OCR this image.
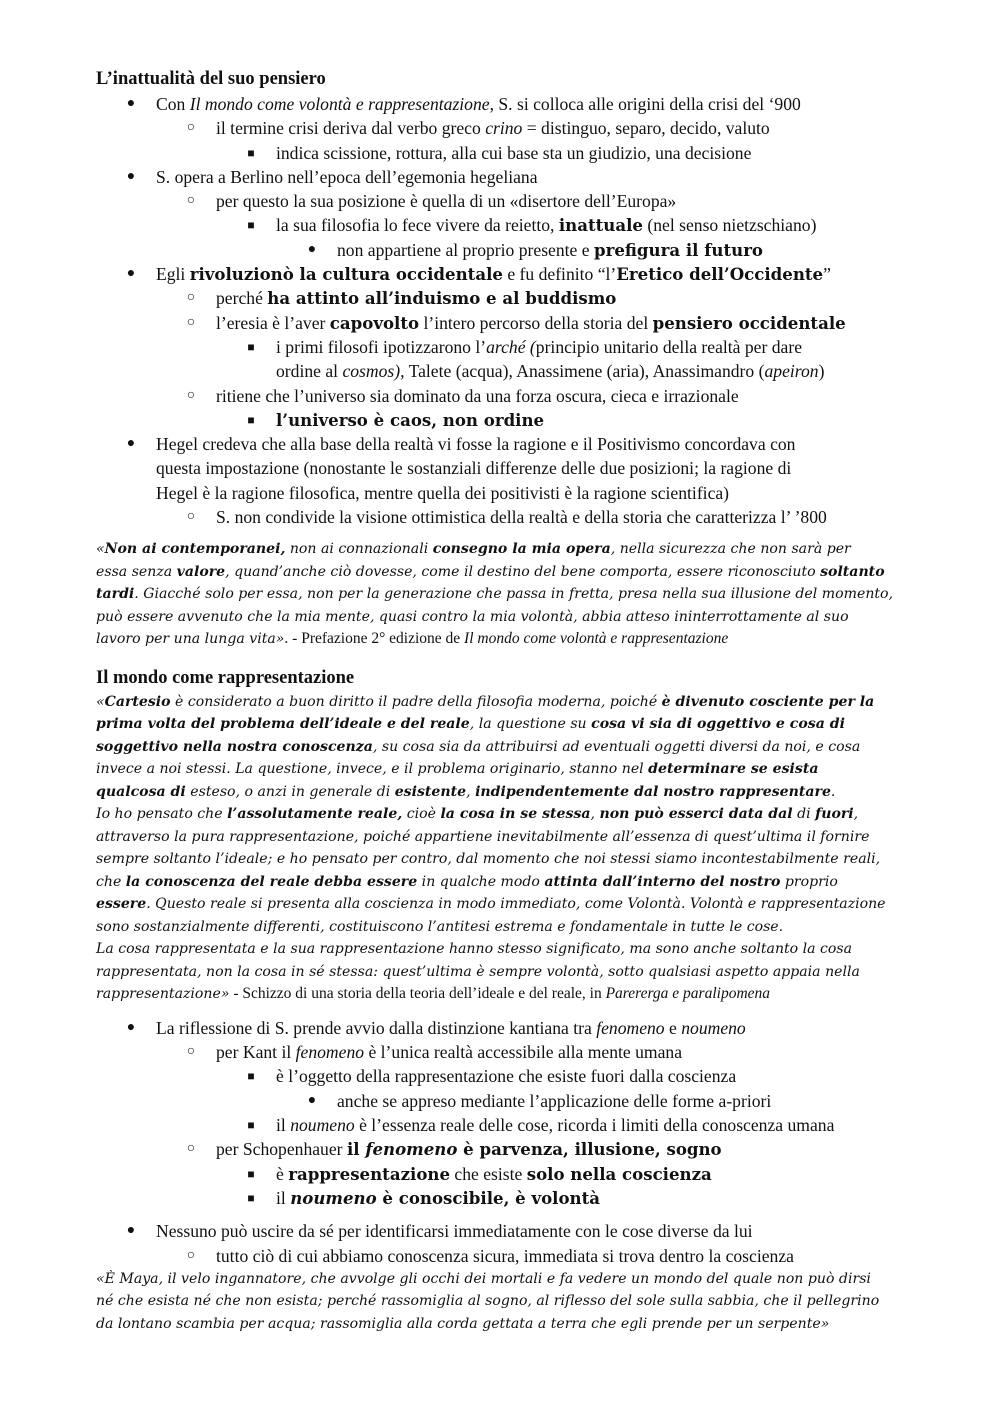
L’inattualità del suo pensiero
●	Con Il mondo come volontà e rappresentazione, S. si colloca alle origini della crisi del ‘900
○	il termine crisi deriva dal verbo greco crino = distinguo, separo, decido, valuto
■	indica scissione, rottura, alla cui base sta un giudizio, una decisione
●	S. opera a Berlino nell’epoca dell’egemonia hegeliana
○	per questo la sua posizione è quella di un «disertore dell’Europa»
■	la sua filosofia lo fece vivere da reietto, inattuale (nel senso nietzschiano)
●	non appartiene al proprio presente e prefigura il futuro
●	Egli rivoluzionò la cultura occidentale e fu definito “l’Eretico dell’Occidente”
○	perché ha attinto all’induismo e al buddismo
○	l’eresia è l’aver capovolto l’intero percorso della storia del pensiero occidentale
■	i primi filosofi ipotizzarono l’arché (principio unitario della realtà per dare
ordine al cosmos), Talete (acqua), Anassimene (aria), Anassimandro (apeiron)
○	ritiene che l’universo sia dominato da una forza oscura, cieca e irrazionale
■	l’universo è caos, non ordine
●	Hegel credeva che alla base della realtà vi fosse la ragione e il Positivismo concordava con
questa impostazione (nonostante le sostanziali differenze delle due posizioni; la ragione di
Hegel è la ragione filosofica, mentre quella dei positivisti è la ragione scientifica)
○	S. non condivide la visione ottimistica della realtà e della storia che caratterizza l’ ’800
«Non ai contemporanei, non ai connazionali consegno la mia opera, nella sicurezza che non sarà per
essa senza valore, quand’anche ciò dovesse, come il destino del bene comporta, essere riconosciuto soltanto
tardi. Giacché solo per essa, non per la generazione che passa in fretta, presa nella sua illusione del momento,
può essere avvenuto che la mia mente, quasi contro la mia volontà, abbia atteso ininterrottamente al suo
lavoro per una lunga vita». - Prefazione 2° edizione de Il mondo come volontà e rappresentazione
Il mondo come rappresentazione
«Cartesio è considerato a buon diritto il padre della filosofia moderna, poiché è divenuto cosciente per la
prima volta del problema dell’ideale e del reale, la questione su cosa vi sia di oggettivo e cosa di
soggettivo nella nostra conoscenza, su cosa sia da attribuirsi ad eventuali oggetti diversi da noi, e cosa
invece a noi stessi. La questione, invece, e il problema originario, stanno nel determinare se esista
qualcosa di esteso, o anzi in generale di esistente, indipendentemente dal nostro rappresentare.
Io ho pensato che l’assolutamente reale, cioè la cosa in se stessa, non può esserci data dal di fuori,
attraverso la pura rappresentazione, poiché appartiene inevitabilmente all’essenza di quest’ultima il fornire
sempre soltanto l’ideale; e ho pensato per contro, dal momento che noi stessi siamo incontestabilmente reali,
che la conoscenza del reale debba essere in qualche modo attinta dall’interno del nostro proprio
essere. Questo reale si presenta alla coscienza in modo immediato, come Volontà. Volontà e rappresentazione
sono sostanzialmente differenti, costituiscono l’antitesi estrema e fondamentale in tutte le cose.
La cosa rappresentata e la sua rappresentazione hanno stesso significato, ma sono anche soltanto la cosa
rappresentata, non la cosa in sé stessa: quest’ultima è sempre volontà, sotto qualsiasi aspetto appaia nella
rappresentazione» - Schizzo di una storia della teoria dell’ideale e del reale, in Parererga e paralipomena
●	La riflessione di S. prende avvio dalla distinzione kantiana tra fenomeno e noumeno
○	per Kant il fenomeno è l’unica realtà accessibile alla mente umana
■	è l’oggetto della rappresentazione che esiste fuori dalla coscienza
●	anche se appreso mediante l’applicazione delle forme a-priori
■	il noumeno è l’essenza reale delle cose, ricorda i limiti della conoscenza umana
○	per Schopenhauer il fenomeno è parvenza, illusione, sogno
■	è rappresentazione che esiste solo nella coscienza
■	il noumeno è conoscibile, è volontà
●	Nessuno può uscire da sé per identificarsi immediatamente con le cose diverse da lui
○	tutto ciò di cui abbiamo conoscenza sicura, immediata si trova dentro la coscienza
«È Maya, il velo ingannatore, che avvolge gli occhi dei mortali e fa vedere un mondo del quale non può dirsi
né che esista né che non esista; perché rassomiglia al sogno, al riflesso del sole sulla sabbia, che il pellegrino
da lontano scambia per acqua; rassomiglia alla corda gettata a terra che egli prende per un serpente»
